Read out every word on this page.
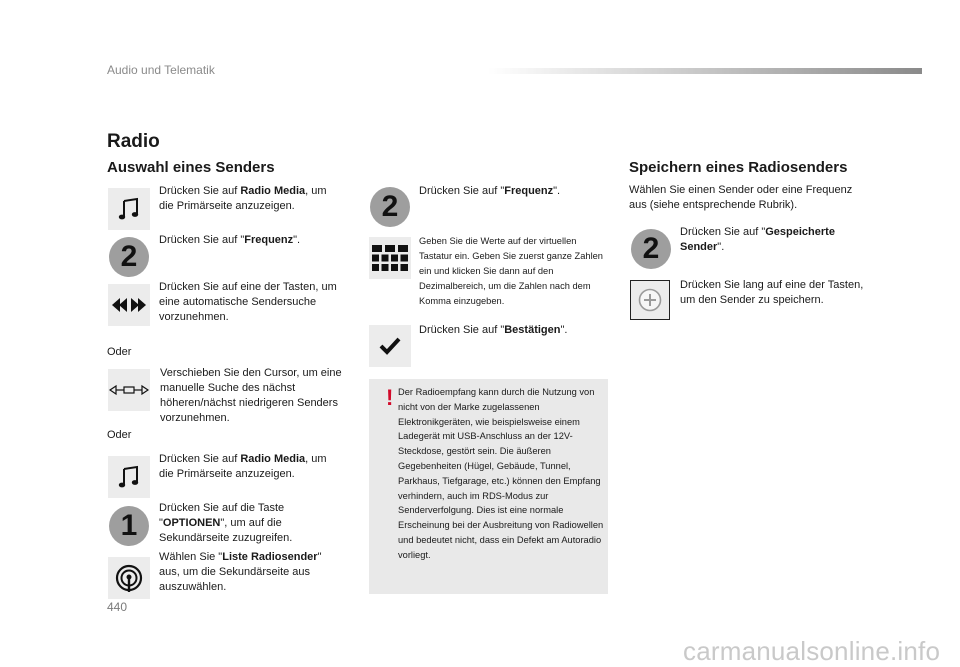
Audio und Telematik
Radio
Auswahl eines Senders
Drücken Sie auf Radio Media, um die Primärseite anzuzeigen.
2	Drücken Sie auf "Frequenz".
Drücken Sie auf eine der Tasten, um eine automatische Sendersuche vorzunehmen.
Oder
Verschieben Sie den Cursor, um eine manuelle Suche des nächst höheren/nächst niedrigeren Senders vorzunehmen.
Oder
Drücken Sie auf Radio Media, um die Primärseite anzuzeigen.
1
Drücken Sie auf die Taste "OPTIONEN", um auf die Sekundärseite zuzugreifen.
Wählen Sie "Liste Radiosender" aus, um die Sekundärseite aus auszuwählen.
2	Drücken Sie auf "Frequenz".
Geben Sie die Werte auf der virtuellen Tastatur ein. Geben Sie zuerst ganze Zahlen ein und klicken Sie dann auf den Dezimalbereich, um die Zahlen nach dem Komma einzugeben.
Drücken Sie auf "Bestätigen".
! Der Radioempfang kann durch die Nutzung von nicht von der Marke zugelassenen Elektronikgeräten, wie beispielsweise einem Ladegerät mit USB-Anschluss an der 12V-Steckdose, gestört sein. Die äußeren Gegebenheiten (Hügel, Gebäude, Tunnel, Parkhaus, Tiefgarage, etc.) können den Empfang verhindern, auch im RDS-Modus zur Senderverfolgung. Dies ist eine normale Erscheinung bei der Ausbreitung von Radiowellen und bedeutet nicht, dass ein Defekt am Autoradio vorliegt.
Speichern eines Radiosenders
Wählen Sie einen Sender oder eine Frequenz aus (siehe entsprechende Rubrik).
2	Drücken Sie auf "Gespeicherte Sender".
Drücken Sie lang auf eine der Tasten, um den Sender zu speichern.
440
carmanualsonline.info
